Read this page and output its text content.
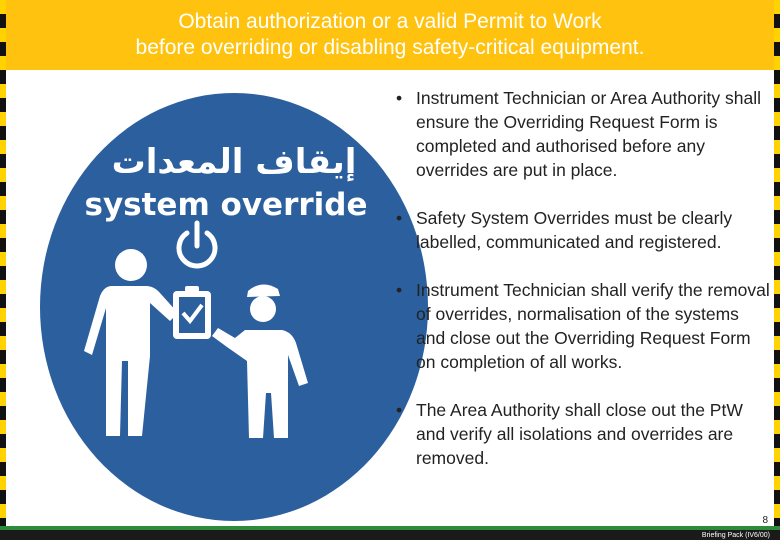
Obtain authorization or a valid Permit to Work
before overriding or disabling safety-critical equipment.
إيقاف المعدات
system override
• Instrument Technician or Area Authority shall ensure the Overriding Request Form is completed and authorised before any overrides are put in place.
• Safety System Overrides must be clearly labelled, communicated and registered.
• Instrument Technician shall verify the removal of overrides, normalisation of the systems and close out the Overriding Request Form on completion of all works.
• The Area Authority shall close out the PtW and verify all isolations and overrides are removed.
8
Briefing Pack (IV6/00)
